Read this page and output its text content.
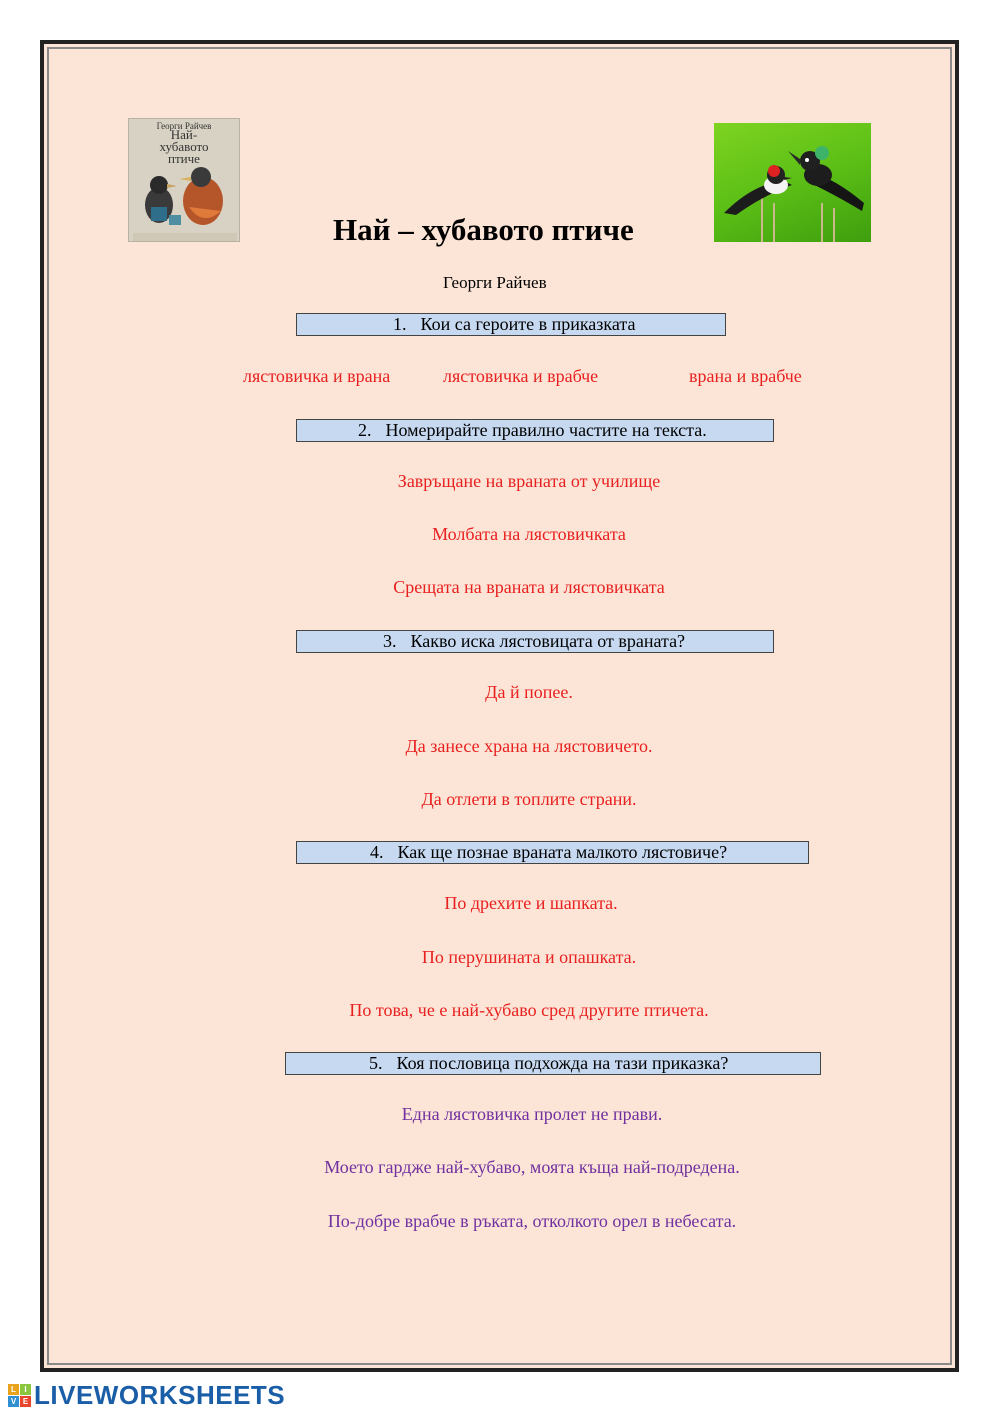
Георги Райчев
Най-
хубавото
птиче
Най – хубавото птиче
Георги Райчев
1. Кои са героите в приказката
лястовичка и врана	лястовичка и врабче	врана и врабче
2. Номерирайте правилно частите на текста.
Завръщане на враната от училище
Молбата на лястовичката
Срещата на враната и лястовичката
3. Какво иска лястовицата от враната?
Да й попее.
Да занесе храна на лястовичето.
Да отлети в топлите страни.
4. Как ще познае враната малкото лястовиче?
По дрехите и шапката.
По перушината и опашката.
По това, че е най-хубаво сред другите птичета.
5. Коя пословица подхожда на тази приказка?
Една лястовичка пролет не прави.
Моето гардже най-хубаво, моята къща най-подредена.
По-добре врабче в ръката, отколкото орел в небесата.
L	I
V E LIVEWORKSHEETS
